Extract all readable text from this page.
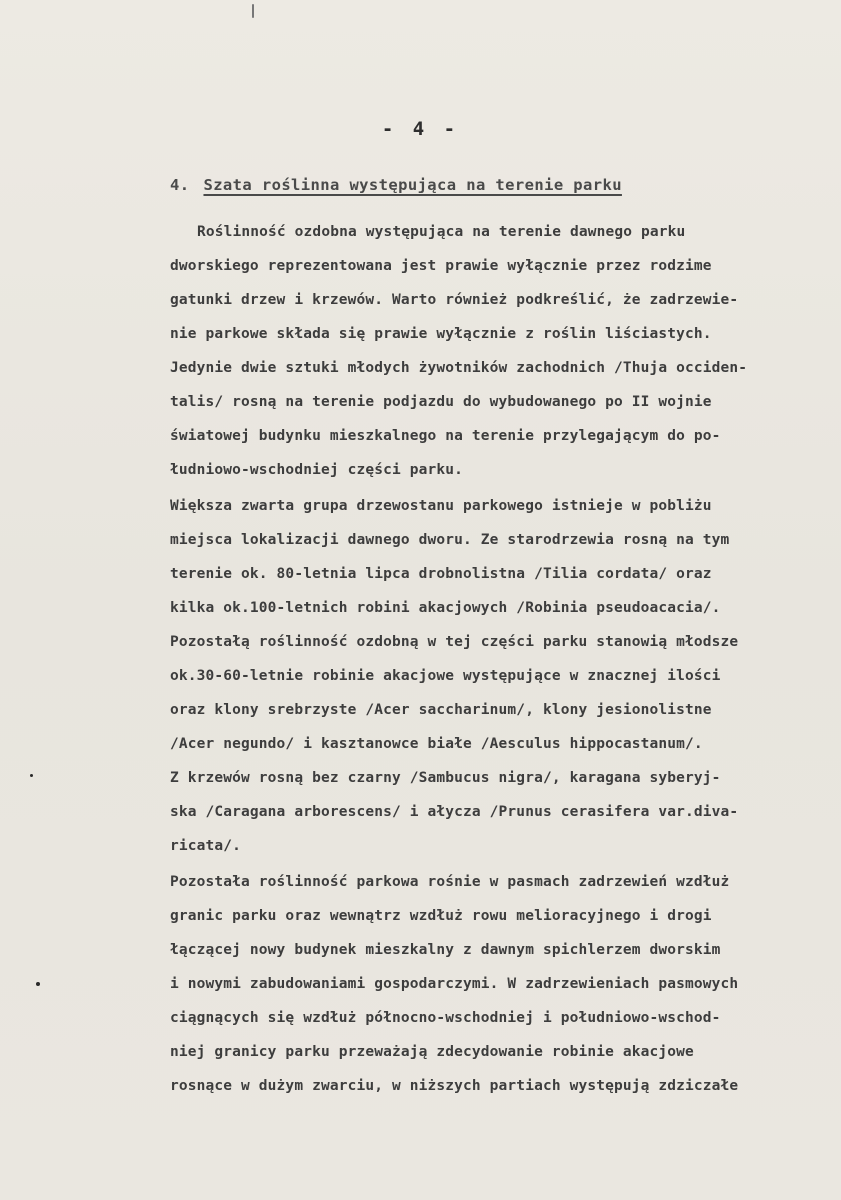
- 4 -
4. Szata roślinna występująca na terenie parku
Roślinność ozdobna występująca na terenie dawnego parku
dworskiego reprezentowana jest prawie wyłącznie przez rodzime
gatunki drzew i krzewów. Warto również podkreślić, że zadrzewie-
nie parkowe składa się prawie wyłącznie z roślin liściastych.
Jedynie dwie sztuki młodych żywotników zachodnich /Thuja occiden-
talis/ rosną na terenie podjazdu do wybudowanego po II wojnie
światowej budynku mieszkalnego na terenie przylegającym do po-
łudniowo-wschodniej części parku.
Większa zwarta grupa drzewostanu parkowego istnieje w pobliżu
miejsca lokalizacji dawnego dworu. Ze starodrzewia rosną na tym
terenie ok. 80-letnia lipca drobnolistna /Tilia cordata/ oraz
kilka ok.100-letnich robini akacjowych /Robinia pseudoacacia/.
Pozostałą roślinność ozdobną w tej części parku stanowią młodsze
ok.30-60-letnie robinie akacjowe występujące w znacznej ilości
oraz klony srebrzyste /Acer saccharinum/, klony jesionolistne
/Acer negundo/ i kasztanowce białe /Aesculus hippocastanum/.
Z krzewów rosną bez czarny /Sambucus nigra/, karagana syberyj-
ska /Caragana arborescens/ i ałycza /Prunus cerasifera var.diva-
ricata/.
Pozostała roślinność parkowa rośnie w pasmach zadrzewień wzdłuż
granic parku oraz wewnątrz wzdłuż rowu melioracyjnego i drogi
łączącej nowy budynek mieszkalny z dawnym spichlerzem dworskim
i nowymi zabudowaniami gospodarczymi. W zadrzewieniach pasmowych
ciągnących się wzdłuż północno-wschodniej i południowo-wschod-
niej granicy parku przeważają zdecydowanie robinie akacjowe
rosnące w dużym zwarciu, w niższych partiach występują zdziczałe
